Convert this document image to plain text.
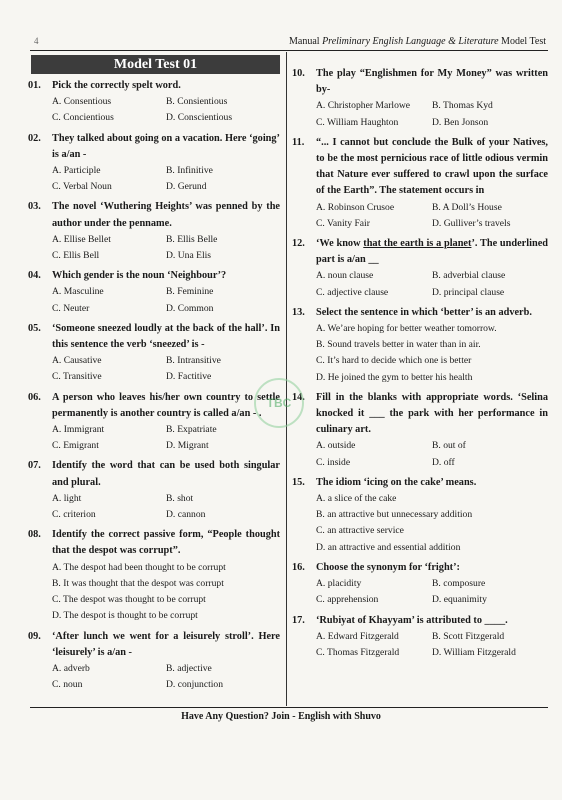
4	Manual Preliminary English Language & Literature Model Test
Model Test 01
01.	Pick the correctly spelt word.
A. Consentious	B. Consientious
C. Concientious	D. Conscientious
02.	They talked about going on a vacation. Here ‘going’ is a/an -
A. Participle	B. Infinitive
C. Verbal Noun	D. Gerund
03.	The novel ‘Wuthering Heights’ was penned by the author under the penname.
A. Ellise Bellet	B. Ellis Belle
C. Ellis Bell	D. Una Elis
04.	Which gender is the noun ‘Neighbour’?
A. Masculine	B. Feminine
C. Neuter	D. Common
05.	‘Someone sneezed loudly at the back of the hall’. In this sentence the verb ‘sneezed’ is -
A. Causative	B. Intransitive
C. Transitive	D. Factitive
06.	A person who leaves his/her own country to settle permanently is another country is called a/an - .
A. Immigrant	B. Expatriate
C. Emigrant	D. Migrant
07.	Identify the word that can be used both singular and plural.
A. light	B. shot
C. criterion	D. cannon
08.	Identify the correct passive form, “People thought that the despot was corrupt”.
A. The despot had been thought to be corrupt
B. It was thought that the despot was corrupt
C. The despot was thought to be corrupt
D. The despot is thought to be corrupt
09.	‘After lunch we went for a leisurely stroll’. Here ‘leisurely’ is a/an -
A. adverb	B. adjective
C. noun	D. conjunction
10.	The play “Englishmen for My Money” was written by-
A. Christopher Marlowe	B. Thomas Kyd
C. William Haughton	D. Ben Jonson
11.	“... I cannot but conclude the Bulk of your Natives, to be the most pernicious race of little odious vermin that Nature ever suffered to crawl upon the surface of the Earth”. The statement occurs in
A. Robinson Crusoe	B. A Doll’s House
C. Vanity Fair	D. Gulliver’s travels
12.	‘We know that the earth is a planet’. The underlined part is a/an __
A. noun clause	B. adverbial clause
C. adjective clause	D. principal clause
13.	Select the sentence in which ‘better’ is an adverb.
A. We’are hoping for better weather tomorrow.
B. Sound travels better in water than in air.
C. It’s hard to decide which one is better
D. He joined the gym to better his health
14.	Fill in the blanks with appropriate words. ‘Selina knocked it ___ the park with her performance in culinary art.
A. outside	B. out of
C. inside	D. off
15.	The idiom ‘icing on the cake’ means.
A. a slice of the cake
B. an attractive but unnecessary addition
C. an attractive service
D. an attractive and essential addition
16.	Choose the synonym for ‘fright’:
A. placidity	B. composure
C. apprehension	D. equanimity
17.	‘Rubiyat of Khayyam’ is attributed to ____.
A. Edward Fitzgerald	B. Scott Fitzgerald
C. Thomas Fitzgerald	D. William Fitzgerald
TBC
Have Any Question? Join - English with Shuvo
